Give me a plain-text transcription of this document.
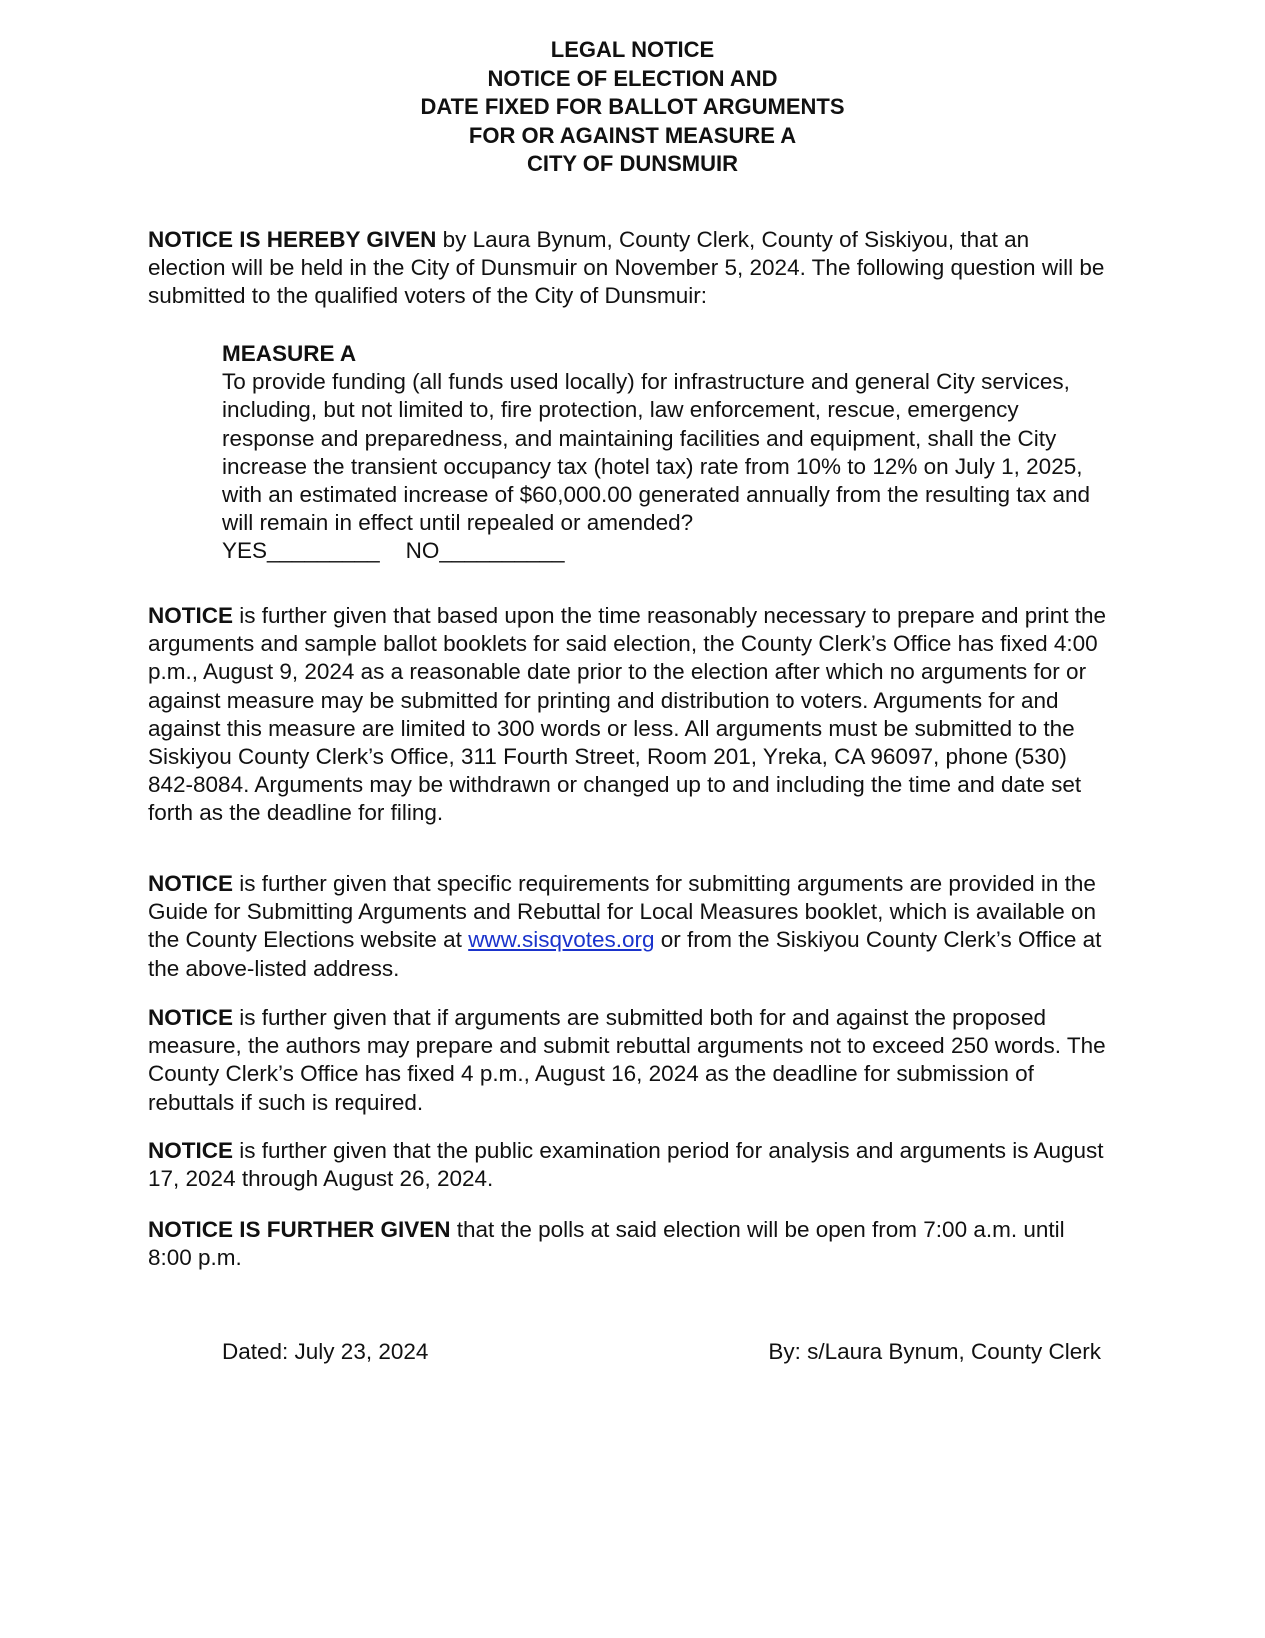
LEGAL NOTICE
NOTICE OF ELECTION AND
DATE FIXED FOR BALLOT ARGUMENTS
FOR OR AGAINST MEASURE A
CITY OF DUNSMUIR

NOTICE IS HEREBY GIVEN by Laura Bynum, County Clerk, County of Siskiyou, that an election will be held in the City of Dunsmuir on November 5, 2024. The following question will be submitted to the qualified voters of the City of Dunsmuir:

MEASURE A
To provide funding (all funds used locally) for infrastructure and general City services, including, but not limited to, fire protection, law enforcement, rescue, emergency response and preparedness, and maintaining facilities and equipment, shall the City increase the transient occupancy tax (hotel tax) rate from 10% to 12% on July 1, 2025, with an estimated increase of $60,000.00 generated annually from the resulting tax and will remain in effect until repealed or amended?
YES_________ NO__________

NOTICE is further given that based upon the time reasonably necessary to prepare and print the arguments and sample ballot booklets for said election, the County Clerk’s Office has fixed 4:00 p.m., August 9, 2024 as a reasonable date prior to the election after which no arguments for or against measure may be submitted for printing and distribution to voters. Arguments for and against this measure are limited to 300 words or less. All arguments must be submitted to the Siskiyou County Clerk’s Office, 311 Fourth Street, Room 201, Yreka, CA 96097, phone (530) 842-8084. Arguments may be withdrawn or changed up to and including the time and date set forth as the deadline for filing.

NOTICE is further given that specific requirements for submitting arguments are provided in the Guide for Submitting Arguments and Rebuttal for Local Measures booklet, which is available on the County Elections website at www.sisqvotes.org or from the Siskiyou County Clerk’s Office at the above-listed address.

NOTICE is further given that if arguments are submitted both for and against the proposed measure, the authors may prepare and submit rebuttal arguments not to exceed 250 words. The County Clerk’s Office has fixed 4 p.m., August 16, 2024 as the deadline for submission of rebuttals if such is required.

NOTICE is further given that the public examination period for analysis and arguments is August 17, 2024 through August 26, 2024.

NOTICE IS FURTHER GIVEN that the polls at said election will be open from 7:00 a.m. until 8:00 p.m.

Dated: July 23, 2024	By: s/Laura Bynum, County Clerk
